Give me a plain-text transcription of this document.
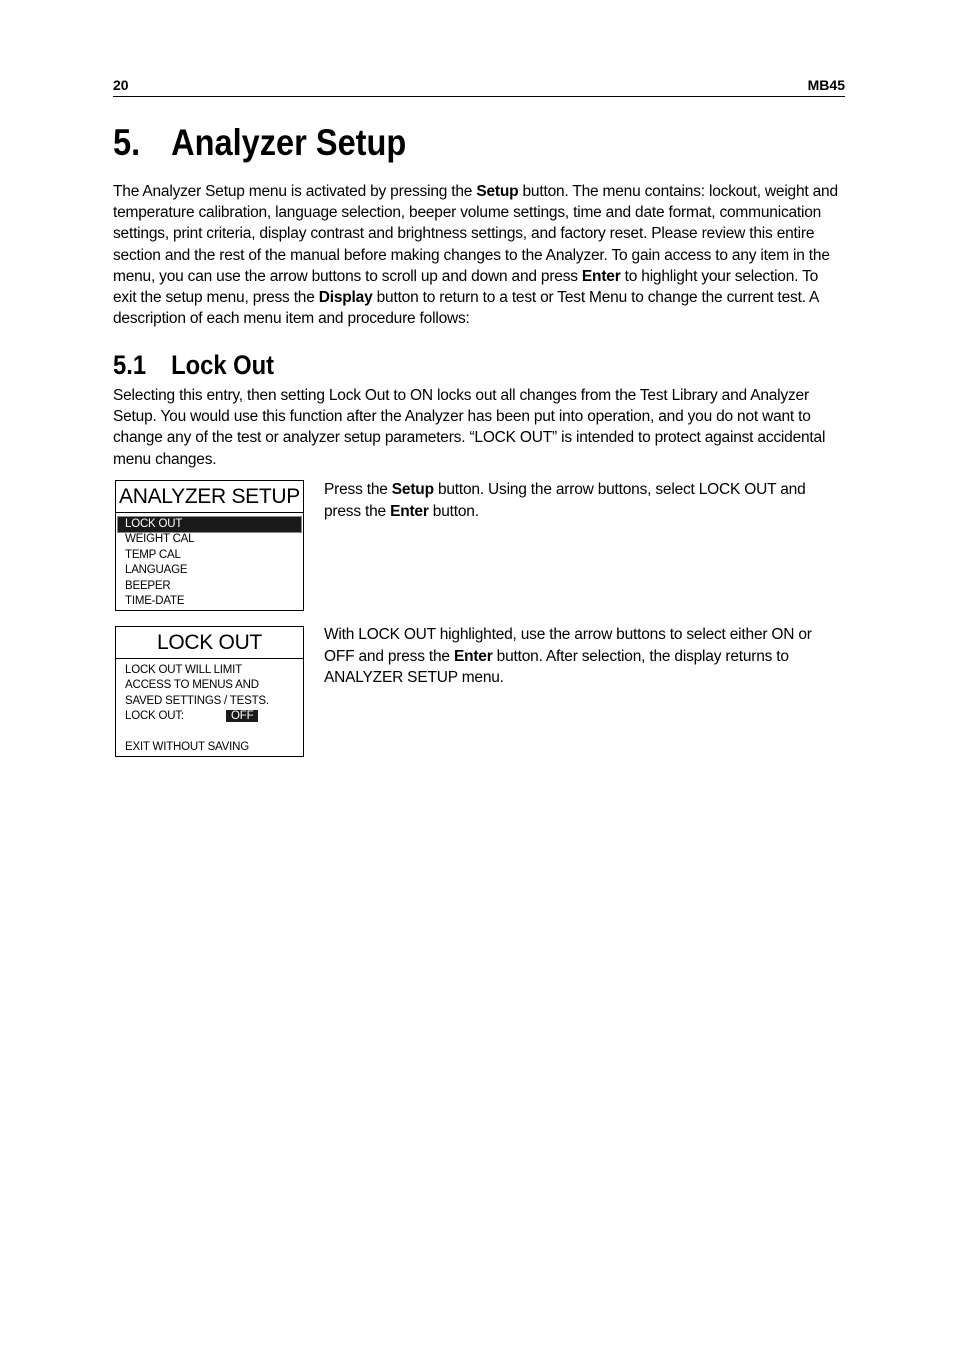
20	MB45
5. Analyzer Setup
The Analyzer Setup menu is activated by pressing the Setup button. The menu contains: lockout, weight and temperature calibration, language selection, beeper volume settings, time and date format, communication settings, print criteria, display contrast and brightness settings, and factory reset. Please review this entire section and the rest of the manual before making changes to the Analyzer. To gain access to any item in the menu, you can use the arrow buttons to scroll up and down and press Enter to highlight your selection. To exit the setup menu, press the Display button to return to a test or Test Menu to change the current test. A description of each menu item and procedure follows:
5.1 Lock Out
Selecting this entry, then setting Lock Out to ON locks out all changes from the Test Library and Analyzer Setup. You would use this function after the Analyzer has been put into operation, and you do not want to change any of the test or analyzer setup parameters. “LOCK OUT” is intended to protect against accidental menu changes.
ANALYZER SETUP
LOCK OUT
WEIGHT CAL
TEMP CAL
LANGUAGE
BEEPER
TIME-DATE
Press the Setup button. Using the arrow buttons, select LOCK OUT and press the Enter button.
LOCK OUT
LOCK OUT WILL LIMIT
ACCESS TO MENUS AND
SAVED SETTINGS / TESTS.
LOCK OUT:	OFF
EXIT WITHOUT SAVING
With LOCK OUT highlighted, use the arrow buttons to select either ON or OFF and press the Enter button. After selection, the display returns to ANALYZER SETUP menu.
